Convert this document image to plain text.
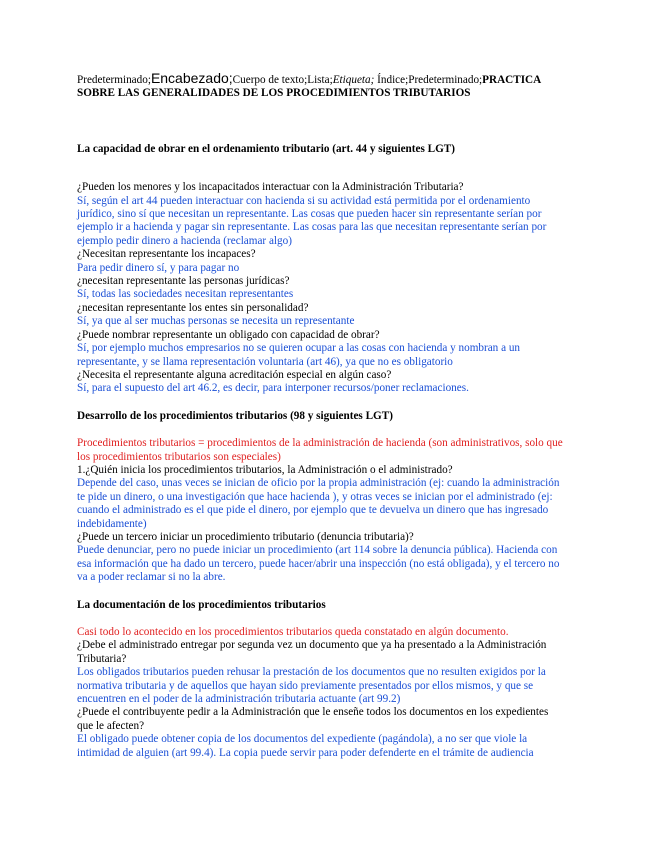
Predeterminado;Encabezado;Cuerpo de texto;Lista;Etiqueta; Índice;Predeterminado;PRACTICA SOBRE LAS GENERALIDADES DE LOS PROCEDIMIENTOS TRIBUTARIOS

La capacidad de obrar en el ordenamiento tributario (art. 44 y siguientes LGT)

¿Pueden los menores y los incapacitados interactuar con la Administración Tributaria?

Sí, según el art 44 pueden interactuar con hacienda si su actividad está permitida por el ordenamiento jurídico, sino sí que necesitan un representante. Las cosas que pueden hacer sin representante serían por ejemplo ir a hacienda y pagar sin representante. Las cosas para las que necesitan representante serían por ejemplo pedir dinero a hacienda (reclamar algo)

¿Necesitan representante los incapaces?

Para pedir dinero sí, y para pagar no

¿necesitan representante las personas jurídicas?

Sí, todas las sociedades necesitan representantes

¿necesitan representante los entes sin personalidad?

Sí, ya que al ser muchas personas se necesita un representante

¿Puede nombrar representante un obligado con capacidad de obrar?

Sí, por ejemplo muchos empresarios no se quieren ocupar a las cosas con hacienda y nombran a un representante, y se llama representación voluntaria (art 46), ya que no es obligatorio

¿Necesita el representante alguna acreditación especial en algún caso?

Sí, para el supuesto del art 46.2, es decir, para interponer recursos/poner reclamaciones.

Desarrollo de los procedimientos tributarios (98 y siguientes LGT)

Procedimientos tributarios = procedimientos de la administración de hacienda (son administrativos, solo que los procedimientos tributarios son especiales)

1.¿Quién inicia los procedimientos tributarios, la Administración o el administrado?

Depende del caso, unas veces se inician de oficio por la propia administración (ej: cuando la administración te pide un dinero, o una investigación que hace hacienda ), y otras veces se inician por el administrado (ej: cuando el administrado es el que pide el dinero, por ejemplo que te devuelva un dinero que has ingresado indebidamente)

¿Puede un tercero iniciar un procedimiento tributario (denuncia tributaria)?

Puede denunciar, pero no puede iniciar un procedimiento (art 114 sobre la denuncia pública). Hacienda con esa información que ha dado un tercero, puede hacer/abrir una inspección (no está obligada), y el tercero no va a poder reclamar si no la abre.

La documentación de los procedimientos tributarios

Casi todo lo acontecido en los procedimientos tributarios queda constatado en algún documento.

¿Debe el administrado entregar por segunda vez un documento que ya ha presentado a la Administración Tributaria?

Los obligados tributarios pueden rehusar la prestación de los documentos que no resulten exigidos por la normativa tributaria y de aquellos que hayan sido previamente presentados por ellos mismos, y que se encuentren en el poder de la administración tributaria actuante (art 99.2)

¿Puede el contribuyente pedir a la Administración que le enseñe todos los documentos en los expedientes que le afecten?

El obligado puede obtener copia de los documentos del expediente (pagándola), a no ser que viole la intimidad de alguien (art 99.4). La copia puede servir para poder defenderte en el trámite de audiencia
